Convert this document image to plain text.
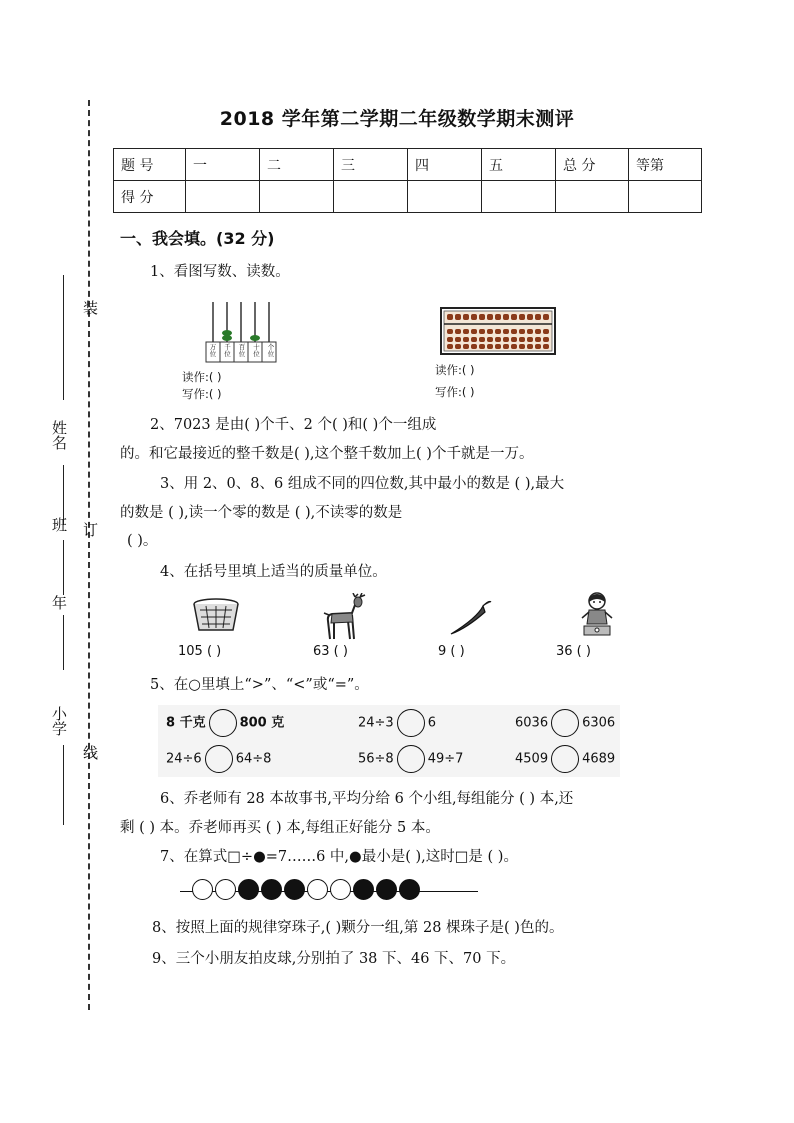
2018 学年第二学期二年级数学期末测评
装
订
线
姓名
班
年
小学
题 号	一	二	三	四	五	总 分	等第
得 分							
一、我会填。(32 分)
1、看图写数、读数。
万位
千位
百位
十位
个位
读作:( )
写作:( )
读作:( )
写作:( )
2、7023 是由( )个千、2 个( )和( )个一组成
的。和它最接近的整千数是( ),这个整千数加上( )个千就是一万。
3、用 2、0、8、6 组成不同的四位数,其中最小的数是 ( ),最大
的数是 ( ),读一个零的数是 ( ),不读零的数是
( )。
4、在括号里填上适当的质量单位。
105 ( )	63 ( )	9 ( )	36 ( )
5、在○里填上“>”、“<”或“=”。
8 千克	800 克	24÷3	6	6036	6306
24÷6	64÷8	56÷8	49÷7	4509	4689
6、乔老师有 28 本故事书,平均分给 6 个小组,每组能分 ( ) 本,还
剩 ( ) 本。乔老师再买 ( ) 本,每组正好能分 5 本。
7、在算式□÷●=7……6 中,●最小是( ),这时□是 ( )。
8、按照上面的规律穿珠子,( )颗分一组,第 28 棵珠子是( )色的。
9、三个小朋友拍皮球,分别拍了 38 下、46 下、70 下。
